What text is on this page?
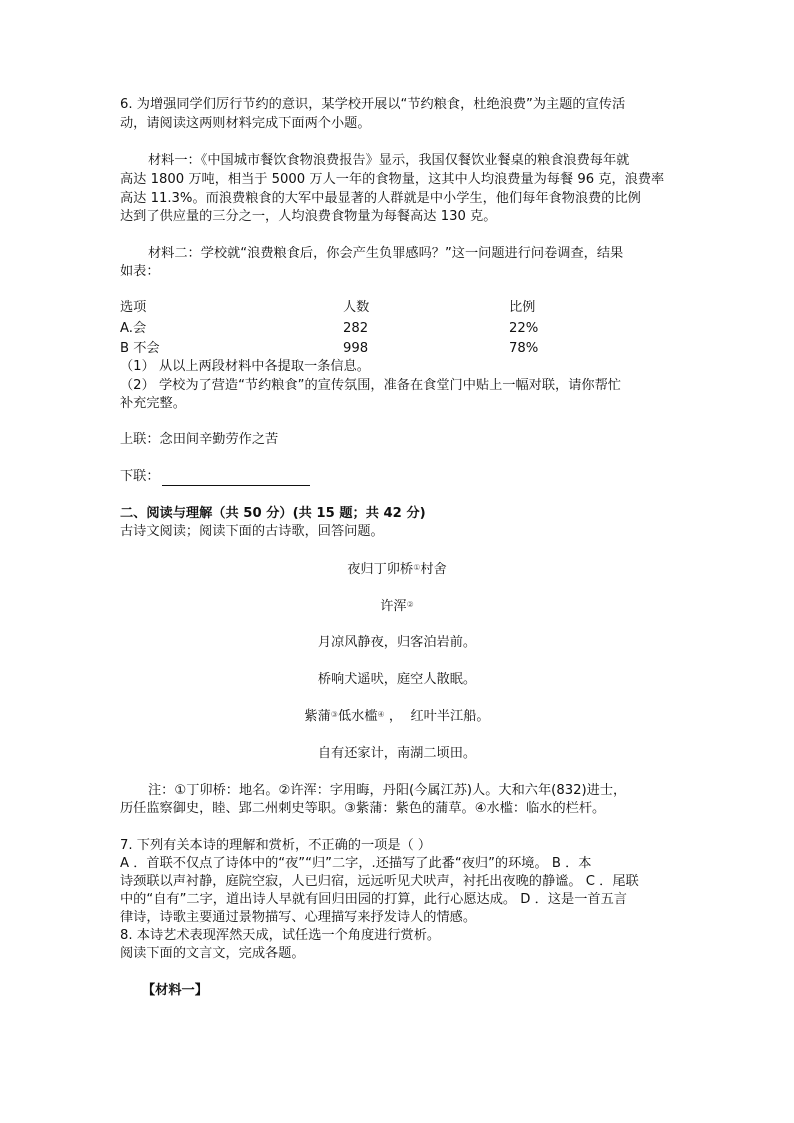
6. 为增强同学们厉行节约的意识，某学校开展以“节约粮食，杜绝浪费”为主题的宣传活
动，请阅读这两则材料完成下面两个小题。
材料一：《中国城市餐饮食物浪费报告》显示，我国仅餐饮业餐桌的粮食浪费每年就
高达 1800 万吨，相当于 5000 万人一年的食物量，这其中人均浪费量为每餐 96 克，浪费率
高达 11.3%。而浪费粮食的大军中最显著的人群就是中小学生，他们每年食物浪费的比例
达到了供应量的三分之一，人均浪费食物量为每餐高达 130 克。
材料二：学校就“浪费粮食后，你会产生负罪感吗？”这一问题进行问卷调查，结果
如表：
选项	人数	比例
A.会	282	22%
B 不会	998	78%
（1） 从以上两段材料中各提取一条信息。
（2） 学校为了营造“节约粮食”的宣传氛围，准备在食堂门中贴上一幅对联，请你帮忙
补充完整。
上联：念田间辛勤劳作之苦
下联：
二、阅读与理解（共 50 分）(共 15 题；共 42 分)
古诗文阅读；阅读下面的古诗歌，回答问题。
夜归丁卯桥①村舍
许浑②
月凉风静夜，归客泊岩前。
桥响犬遥吠，庭空人散眠。
紫蒲③低水槛④ ，  红叶半江船。
自有还家计，南湖二顷田。
注：①丁卯桥：地名。②许浑：字用晦，丹阳(今属江苏)人。大和六年(832)进士，
历任监察御史，睦、郢二州刺史等职。③紫蒲：紫色的蒲草。④水槛：临水的栏杆。
7. 下列有关本诗的理解和赏析，不正确的一项是（ ）
A ．首联不仅点了诗体中的“夜”“归”二字，.还描写了此番“夜归”的环境。 B ．本
诗颈联以声衬静，庭院空寂，人已归宿，远远听见犬吠声，衬托出夜晚的静谧。 C ．尾联
中的“自有”二字，道出诗人早就有回归田园的打算，此行心愿达成。 D ．这是一首五言
律诗，诗歌主要通过景物描写、心理描写来抒发诗人的情感。
8. 本诗艺术表现浑然天成，试任选一个角度进行赏析。
阅读下面的文言文，完成各题。
【材料一】
